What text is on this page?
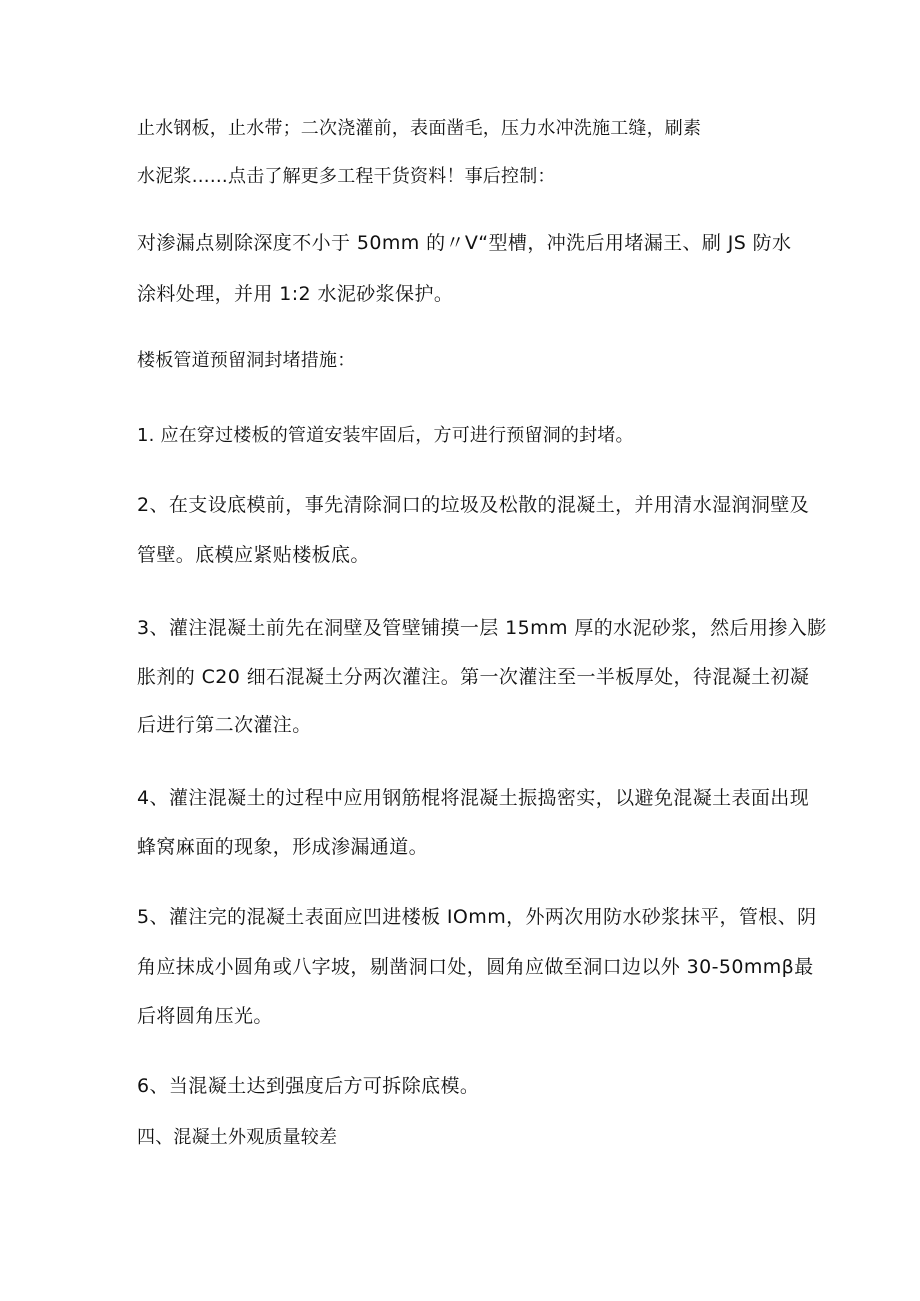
止水钢板，止水带；二次浇灌前，表面凿毛，压力水冲洗施工缝，刷素
水泥浆……点击了解更多工程干货资料！事后控制：
对渗漏点剔除深度不小于 50mm 的〃V“型槽，冲洗后用堵漏王、刷 JS 防水
涂料处理，并用 1:2 水泥砂浆保护。
楼板管道预留洞封堵措施：
1. 应在穿过楼板的管道安装牢固后，方可进行预留洞的封堵。
2、在支设底模前，事先清除洞口的垃圾及松散的混凝土，并用清水湿润洞壁及
管壁。底模应紧贴楼板底。
3、灌注混凝土前先在洞壁及管壁铺摸一层 15mm 厚的水泥砂浆，然后用掺入膨
胀剂的 C20 细石混凝土分两次灌注。第一次灌注至一半板厚处，待混凝土初凝
后进行第二次灌注。
4、灌注混凝土的过程中应用钢筋棍将混凝土振捣密实，以避免混凝土表面出现
蜂窝麻面的现象，形成渗漏通道。
5、灌注完的混凝土表面应凹进楼板 IOmm，外两次用防水砂浆抹平，管根、阴
角应抹成小圆角或八字坡，剔凿洞口处，圆角应做至洞口边以外 30-50mmβ最
后将圆角压光。
6、当混凝土达到强度后方可拆除底模。
四、混凝土外观质量较差
